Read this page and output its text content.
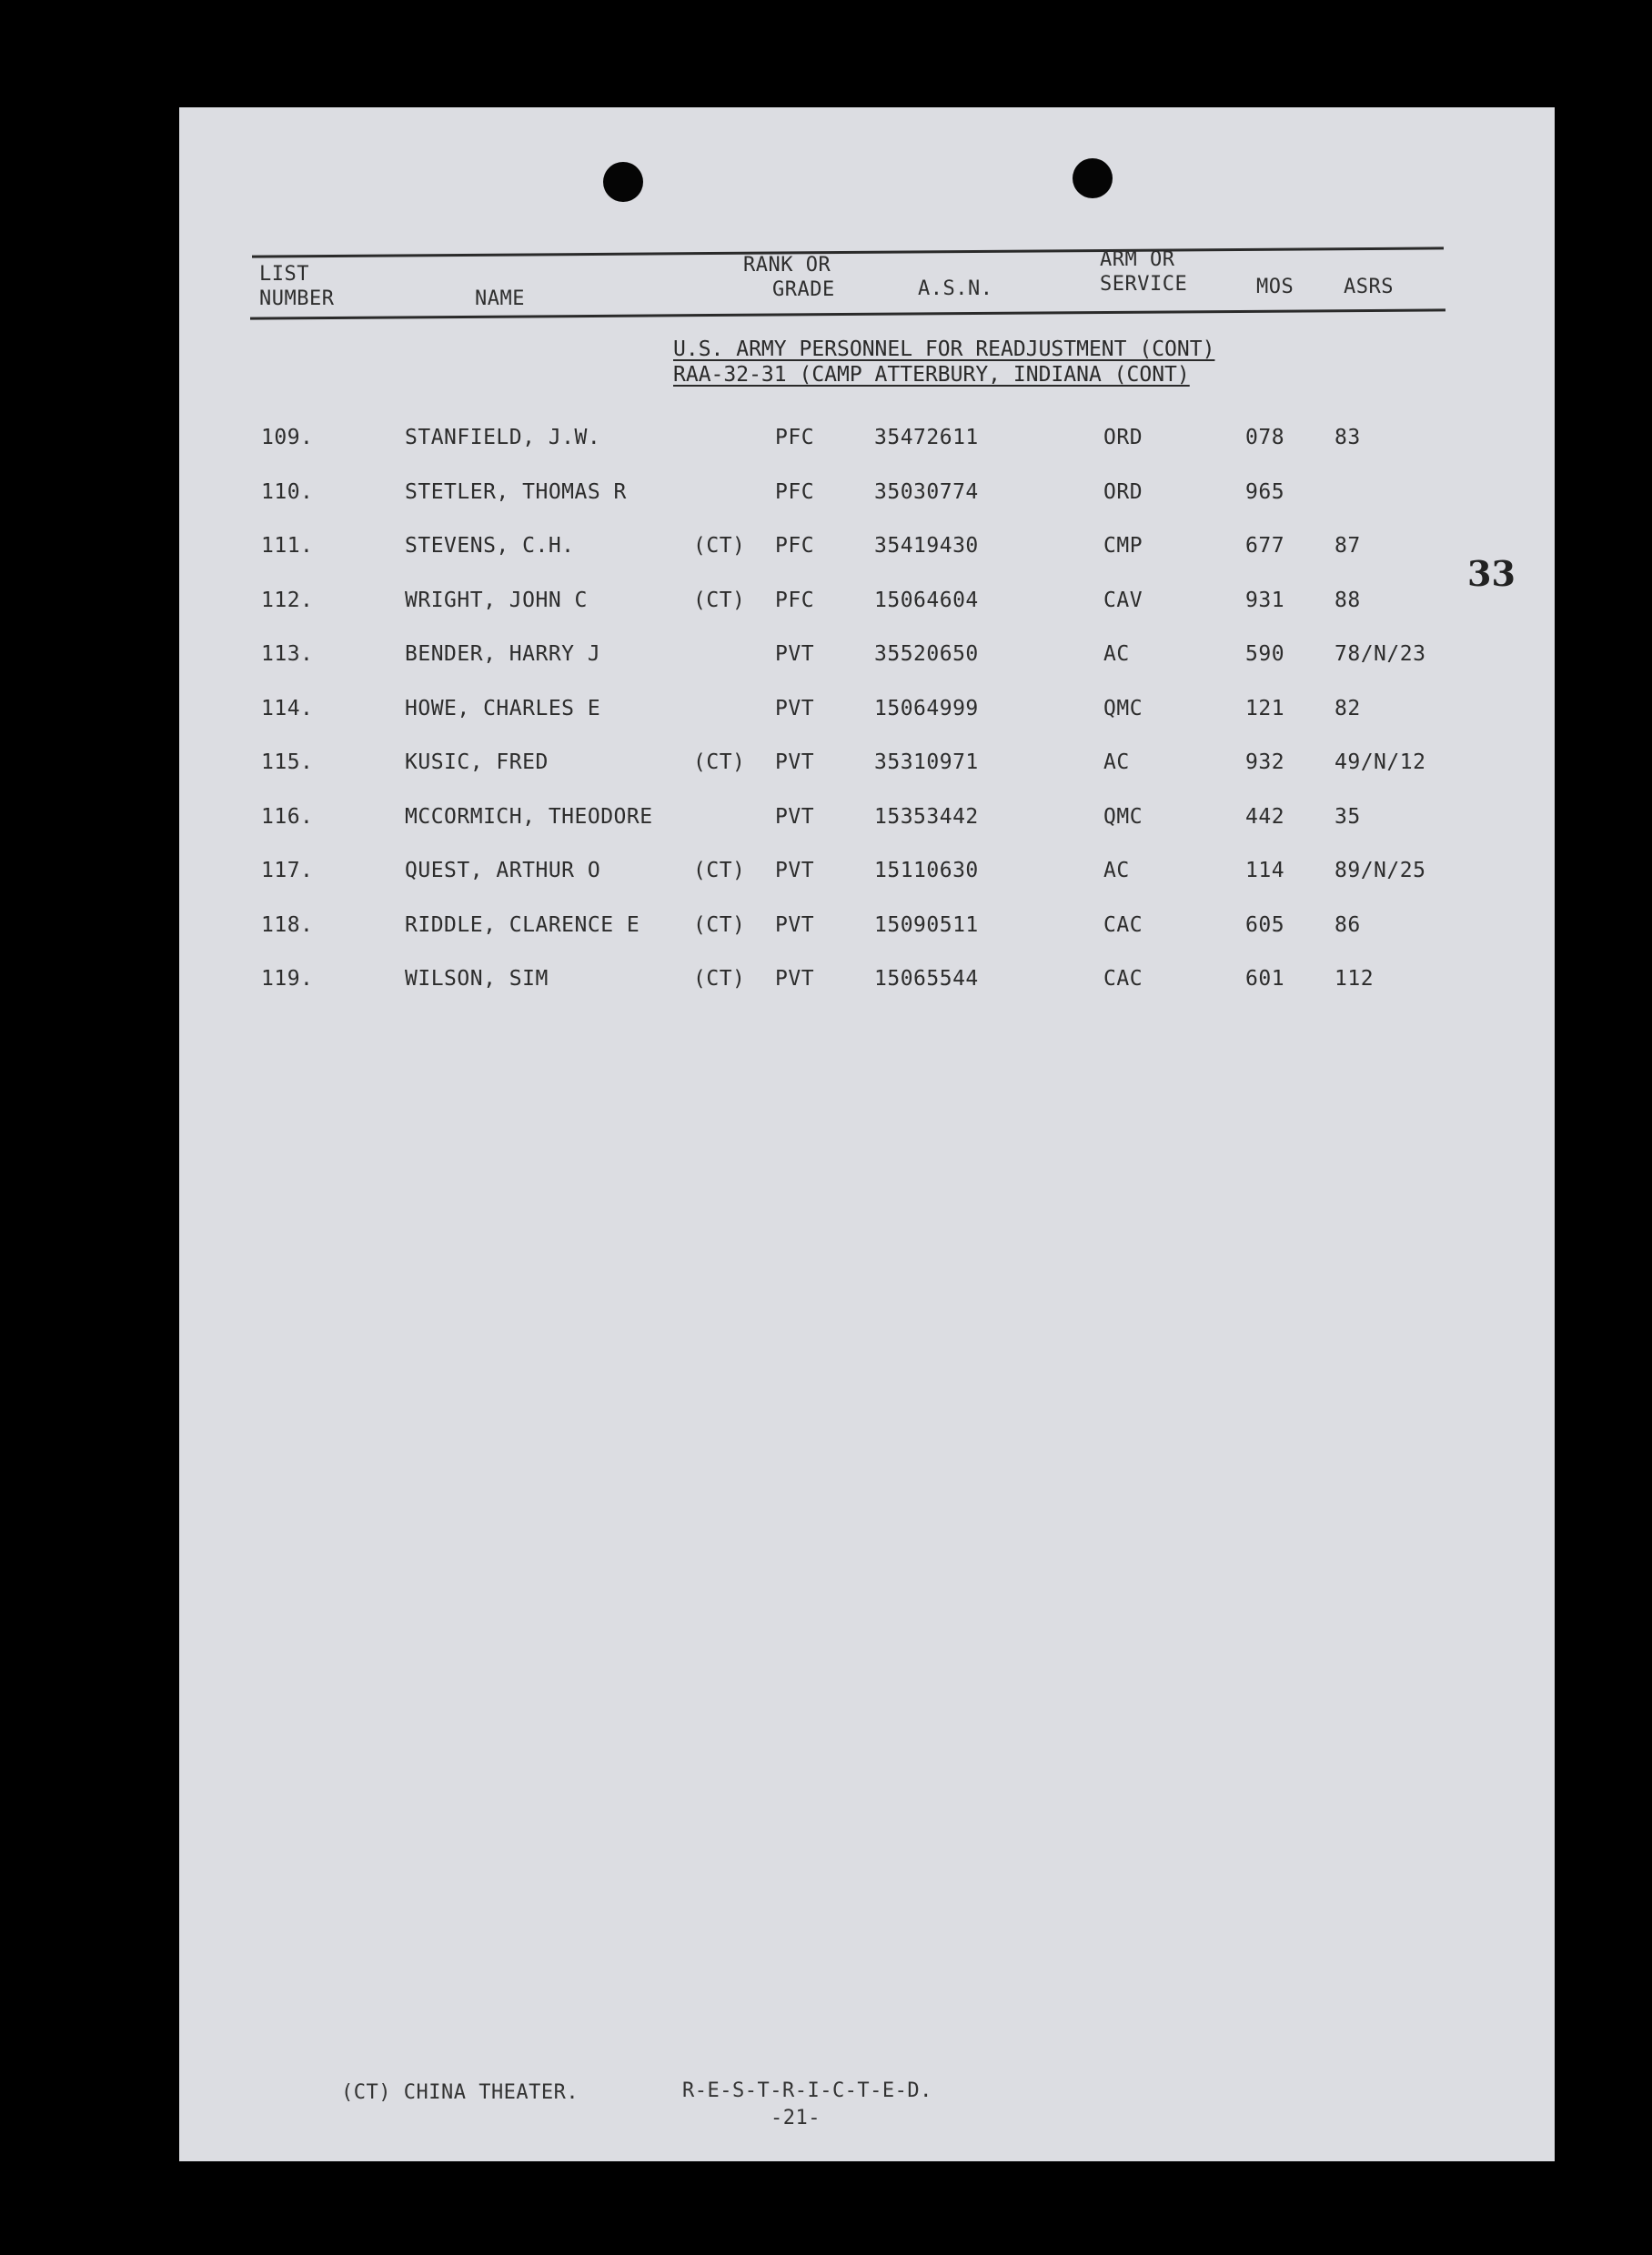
LIST
NUMBER	NAME
RANK OR
GRADE	A.S.N.
ARM OR
SERVICE	MOS ASRS
U.S. ARMY PERSONNEL FOR READJUSTMENT (CONT)
RAA-32-31 (CAMP ATTERBURY, INDIANA (CONT)
33
109.	STANFIELD, J.W.	PFC	35472611	ORD	078 83
110.	STETLER, THOMAS R	PFC	35030774	ORD	965
111.	STEVENS, C.H.	(CT) PFC	35419430	CMP	677 87
112.	WRIGHT, JOHN C	(CT) PFC	15064604	CAV	931 88
113.	BENDER, HARRY J	PVT	35520650	AC	590 78/N/23
114.	HOWE, CHARLES E	PVT	15064999	QMC	121 82
115.	KUSIC, FRED	(CT) PVT	35310971	AC	932 49/N/12
116.	MCCORMICH, THEODORE	PVT	15353442	QMC	442 35
117.	QUEST, ARTHUR O	(CT) PVT	15110630	AC	114 89/N/25
118.	RIDDLE, CLARENCE E	(CT) PVT	15090511	CAC	605 86
119.	WILSON, SIM	(CT) PVT	15065544	CAC	601 112
(CT) CHINA THEATER.	R-E-S-T-R-I-C-T-E-D.
-21-
